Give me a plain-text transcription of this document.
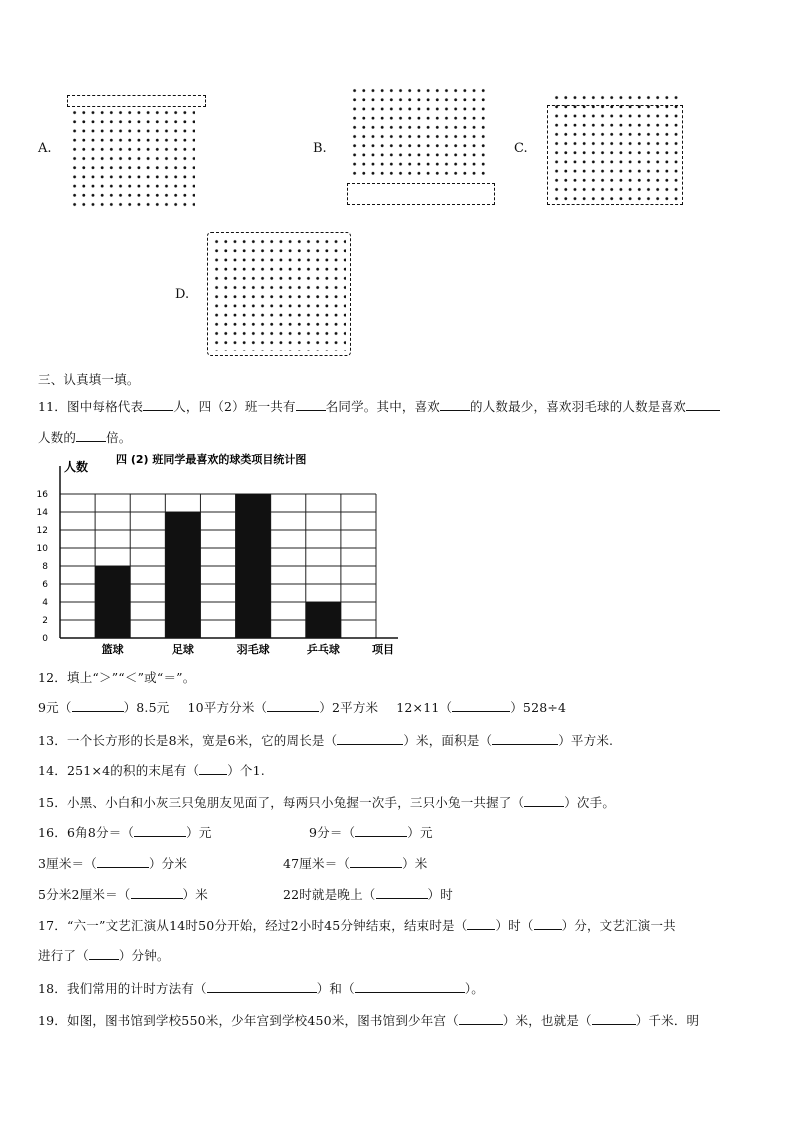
A.	B.	C.
D.
三、认真填一填。
11．图中每格代表 人，四（2）班一共有 名同学。其中，喜欢 的人数最少，喜欢羽毛球的人数是喜欢
人数的 倍。
0
2
4
6
8
10
12
14
16
篮球	足球	羽毛球	乒乓球
人数
四 (2) 班同学最喜欢的球类项目统计图
项目
12．填上“＞”“＜”或“＝”。
9元（	）8.5元 10平方分米（	）2平方米 12×11（	）528÷4
13．一个长方形的长是8米，宽是6米，它的周长是（	）米，面积是（	）平方米.
14．251×4的积的末尾有（ ）个1.
15．小黑、小白和小灰三只兔朋友见面了，每两只小兔握一次手，三只小兔一共握了（	）次手。
16．6角8分＝（	）元	9分＝（	）元
3厘米＝（	）分米	47厘米＝（	）米
5分米2厘米＝（	）米	22时就是晚上（	）时
17．“六一”文艺汇演从14时50分开始，经过2小时45分钟结束，结束时是（ ）时（ ）分，文艺汇演一共
进行了（ ）分钟。
18．我们常用的计时方法有（	）和（	）。
19．如图，图书馆到学校550米，少年宫到学校450米，图书馆到少年宫（	）米，也就是（	）千米．明
